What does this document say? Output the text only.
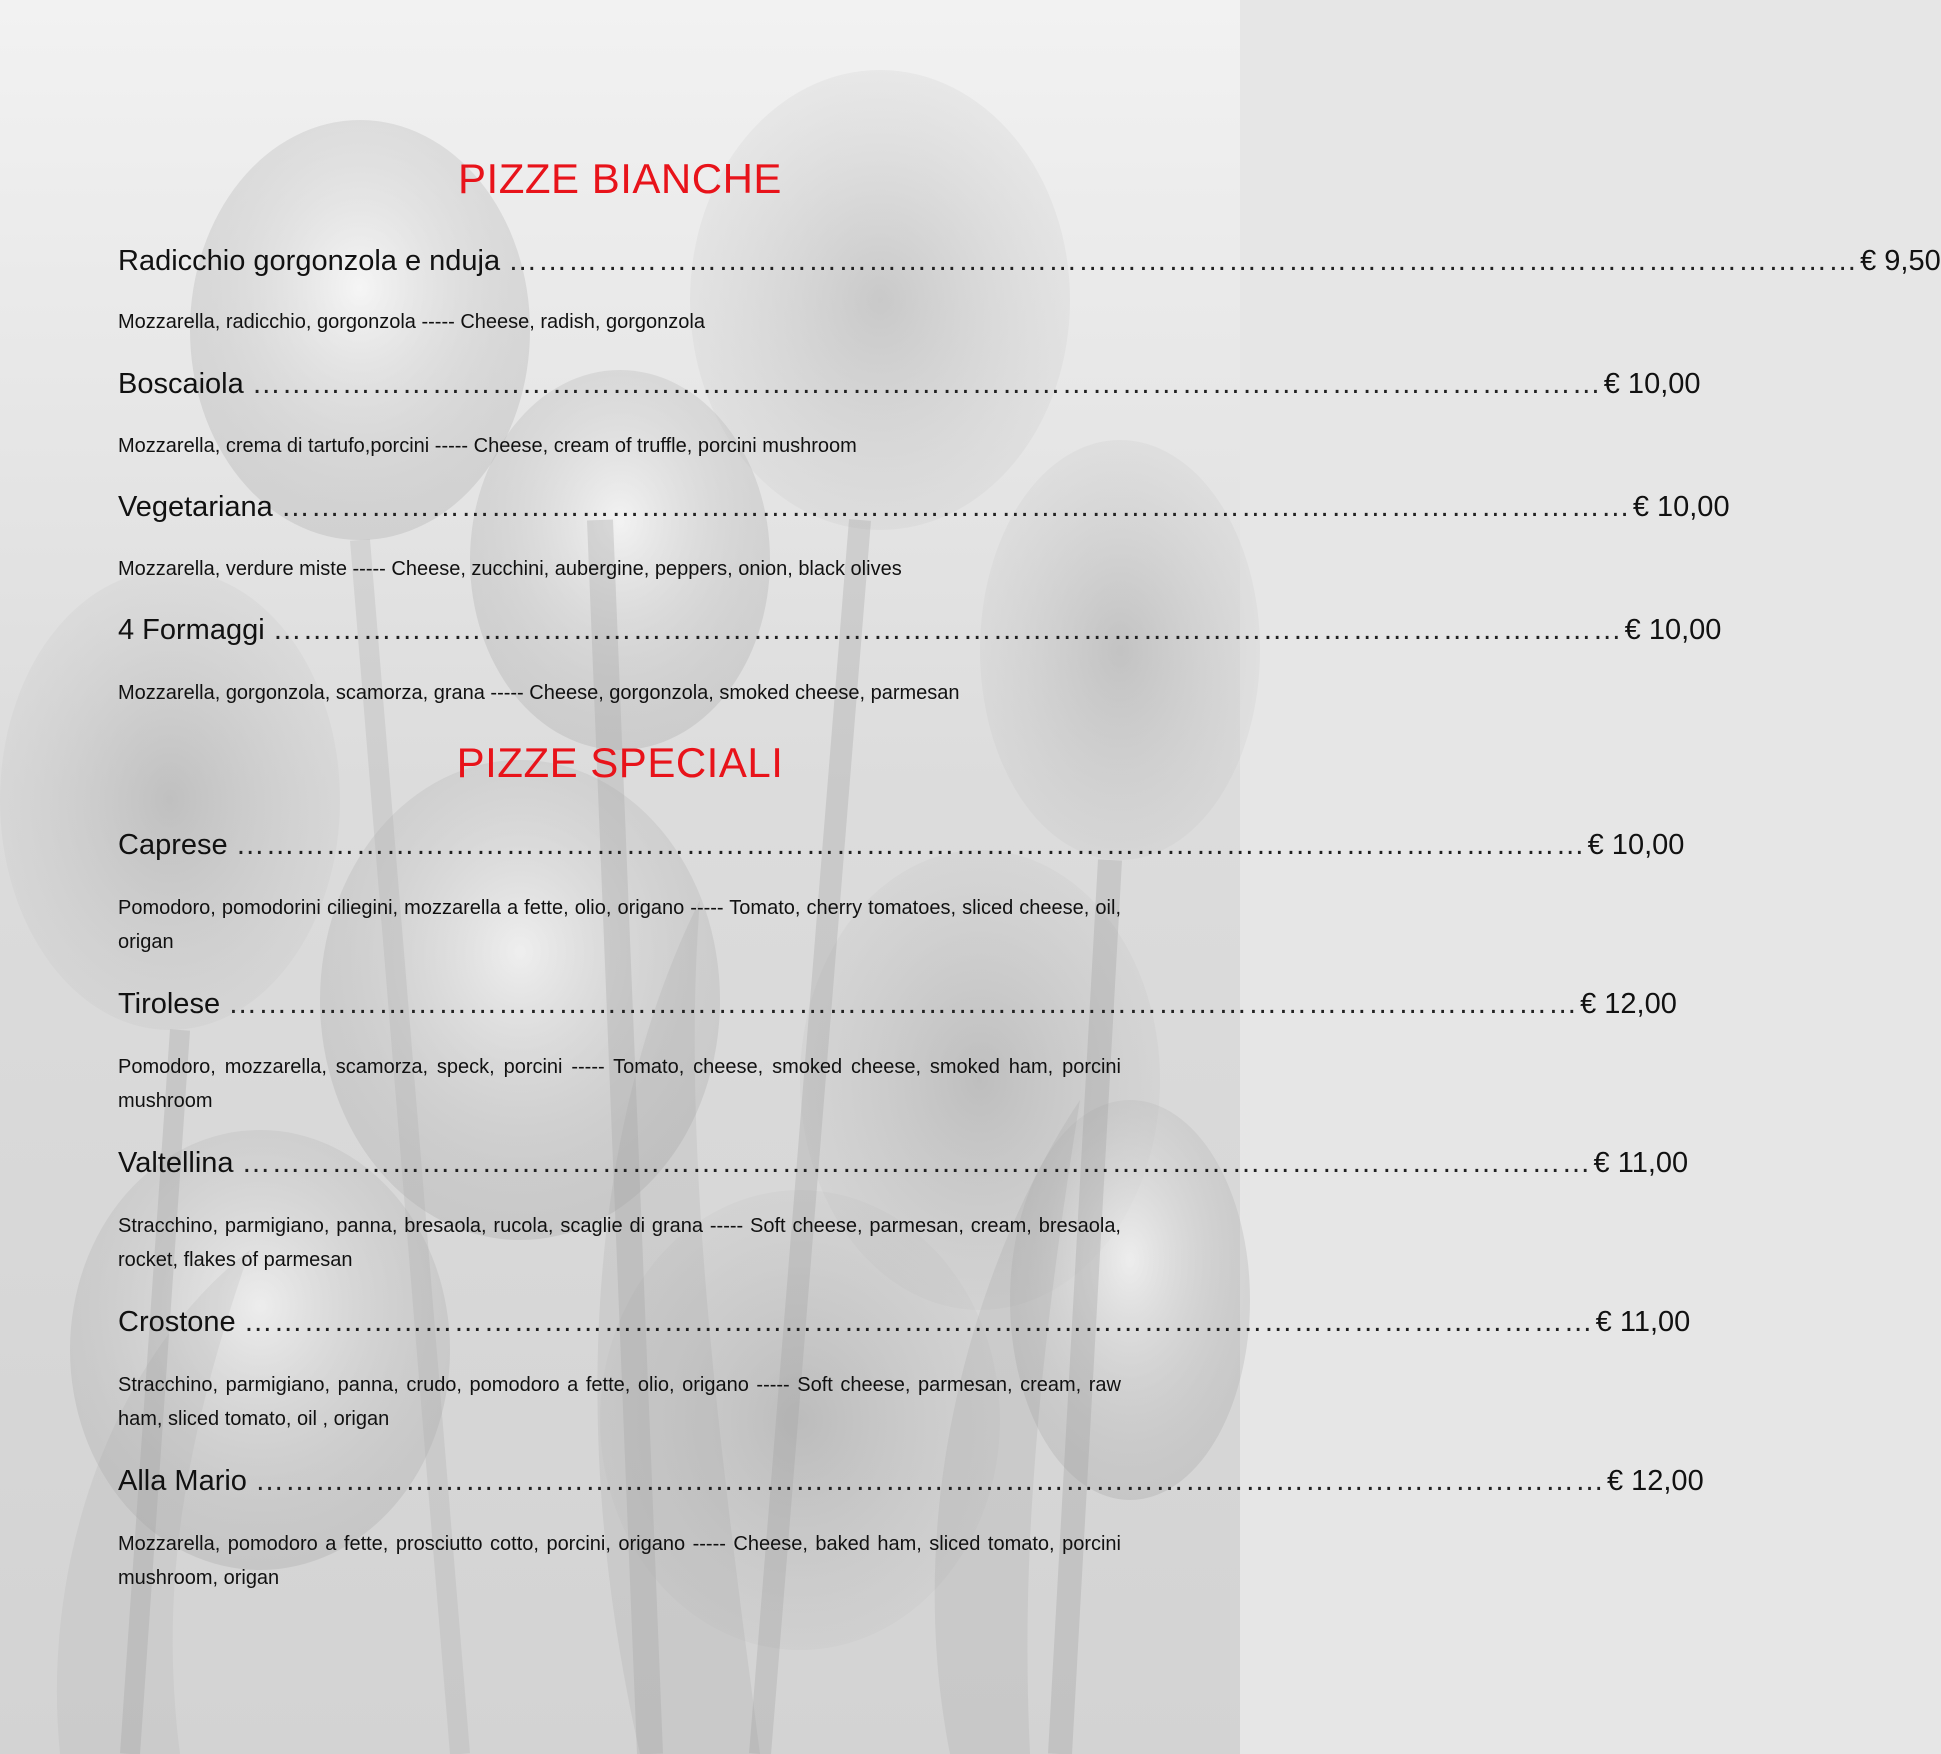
PIZZE BIANCHE
Radicchio gorgonzola e nduja ……………………………………………………………………………………………………………………… € 9,50
Mozzarella, radicchio, gorgonzola ----- Cheese, radish, gorgonzola
Boscaiola ……………………………………………………………………………………………………………………… € 10,00
Mozzarella, crema di tartufo,porcini ----- Cheese, cream of truffle, porcini mushroom
Vegetariana ……………………………………………………………………………………………………………………… € 10,00
Mozzarella, verdure miste ----- Cheese, zucchini, aubergine, peppers, onion, black olives
4 Formaggi ……………………………………………………………………………………………………………………… € 10,00
Mozzarella, gorgonzola, scamorza, grana ----- Cheese, gorgonzola, smoked cheese, parmesan
PIZZE SPECIALI
Caprese ……………………………………………………………………………………………………………………… € 10,00
Pomodoro, pomodorini ciliegini, mozzarella a fette, olio, origano ----- Tomato, cherry tomatoes, sliced cheese, oil, origan
Tirolese ……………………………………………………………………………………………………………………… € 12,00
Pomodoro, mozzarella, scamorza, speck, porcini ----- Tomato, cheese, smoked cheese, smoked ham, porcini mushroom
Valtellina ……………………………………………………………………………………………………………………… € 11,00
Stracchino, parmigiano, panna, bresaola, rucola, scaglie di grana ----- Soft cheese, parmesan, cream, bresaola, rocket, flakes of parmesan
Crostone ……………………………………………………………………………………………………………………… € 11,00
Stracchino, parmigiano, panna, crudo, pomodoro a fette, olio, origano ----- Soft cheese, parmesan, cream, raw ham, sliced tomato, oil , origan
Alla Mario ……………………………………………………………………………………………………………………… € 12,00
Mozzarella, pomodoro a fette, prosciutto cotto, porcini, origano ----- Cheese, baked ham, sliced tomato, porcini mushroom, origan
